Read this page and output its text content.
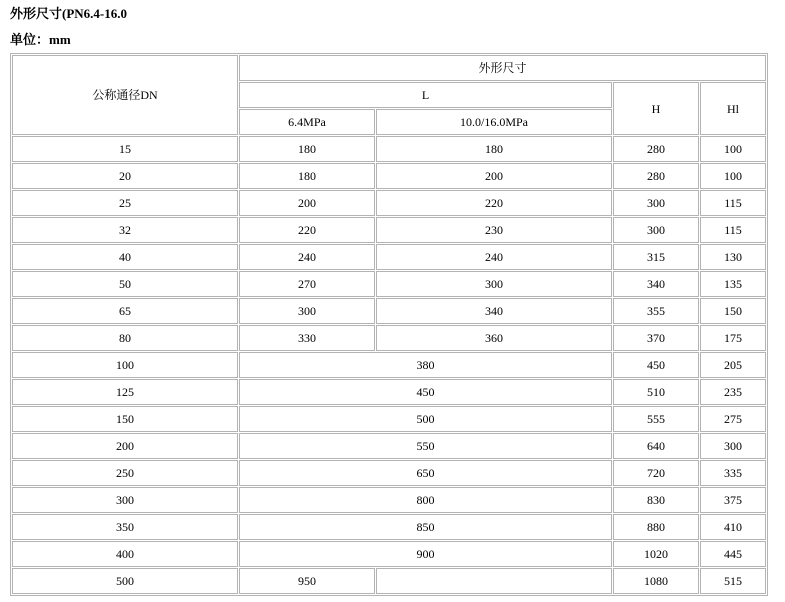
外形尺寸(PN6.4-16.0
单位：mm
公称通径DN	外形尺寸			
	L		H	Hl
	6.4MPa	10.0/16.0MPa		
15	180	180	280	100
20	180	200	280	100
25	200	220	300	115
32	220	230	300	115
40	240	240	315	130
50	270	300	340	135
65	300	340	355	150
80	330	360	370	175
100	380		450	205
125	450		510	235
150	500		555	275
200	550		640	300
250	650		720	335
300	800		830	375
350	850		880	410
400	900		1020	445
500	950		1080	515
